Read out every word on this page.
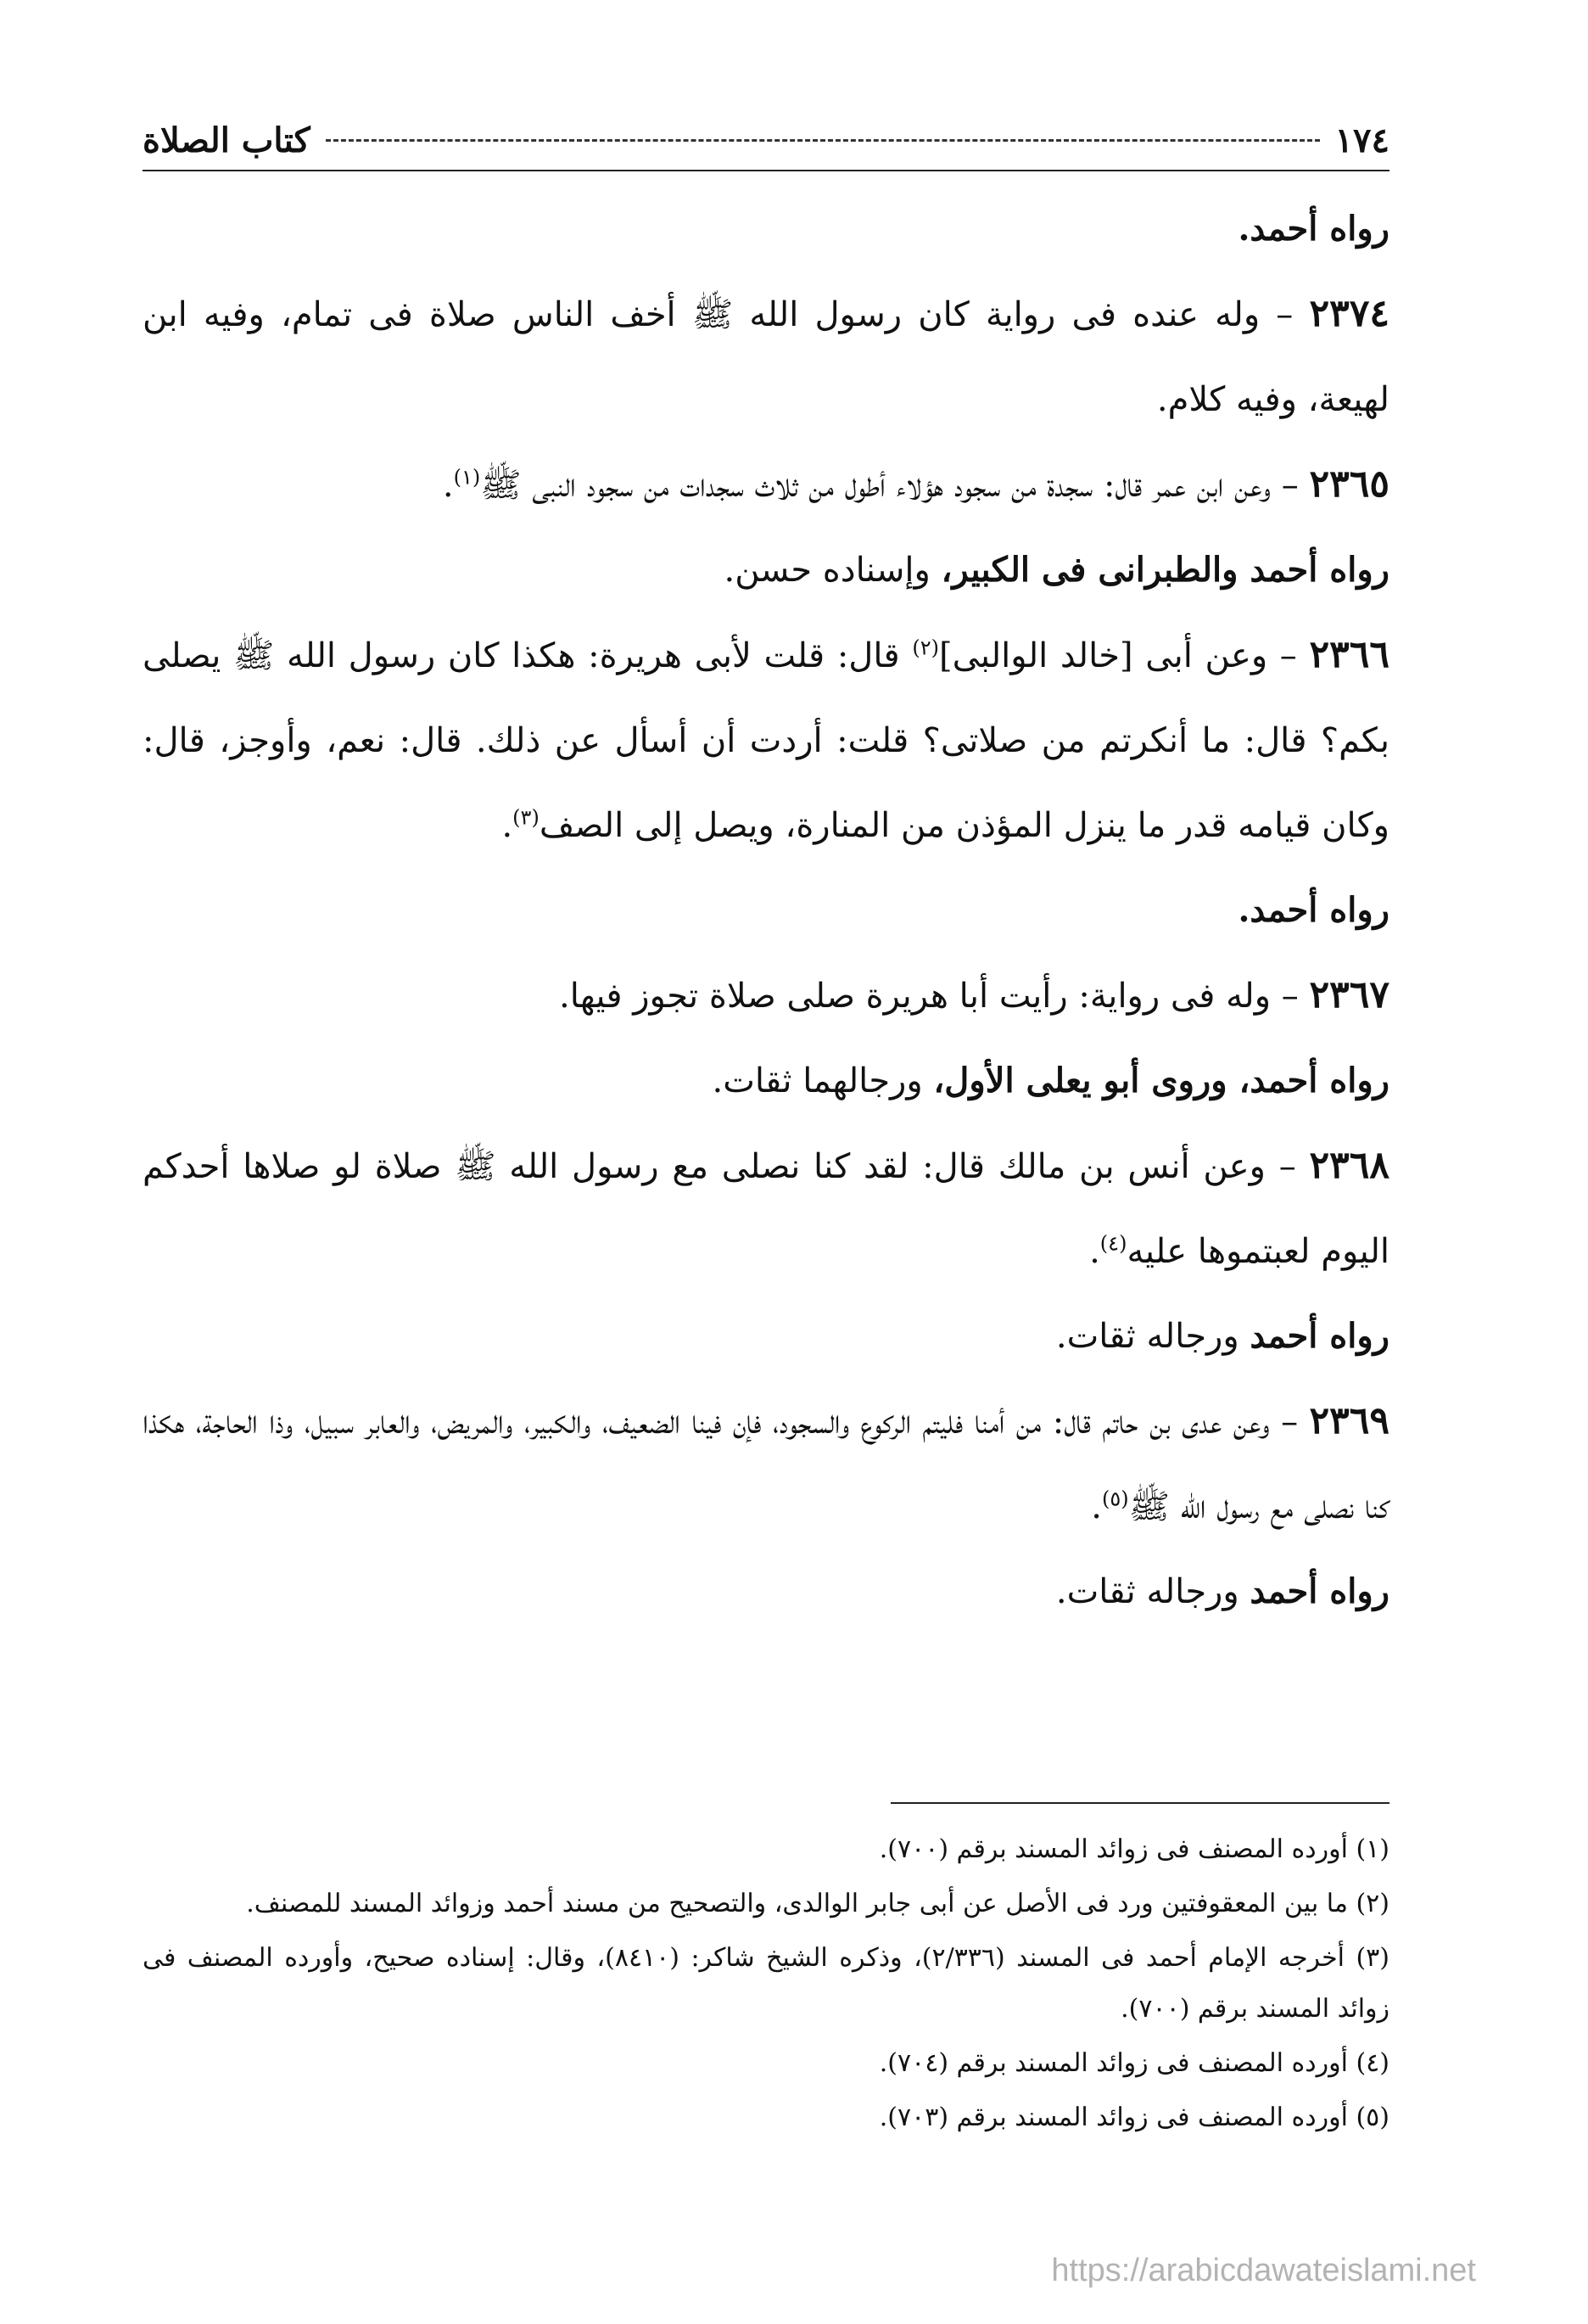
١٧٤
كتاب الصلاة

رواه أحمد.

٢٣٧٤ – وله عنده فى رواية كان رسول الله ﷺ أخف الناس صلاة فى تمام، وفيه ابن لهيعة، وفيه كلام.

٢٣٦٥ – وعن ابن عمر قال: سجدة من سجود هؤلاء أطول من ثلاث سجدات من سجود النبى ﷺ$^{(١)}$.

رواه أحمد والطبرانى فى الكبير، وإسناده حسن.

٢٣٦٦ – وعن أبى [خالد الوالبى]$^{(٢)}$ قال: قلت لأبى هريرة: هكذا كان رسول الله ﷺ يصلى بكم؟ قال: ما أنكرتم من صلاتى؟ قلت: أردت أن أسأل عن ذلك. قال: نعم، وأوجز، قال: وكان قيامه قدر ما ينزل المؤذن من المنارة، ويصل إلى الصف$^{(٣)}$.

رواه أحمد.

٢٣٦٧ – وله فى رواية: رأيت أبا هريرة صلى صلاة تجوز فيها.

رواه أحمد، وروى أبو يعلى الأول، ورجالهما ثقات.

٢٣٦٨ – وعن أنس بن مالك قال: لقد كنا نصلى مع رسول الله ﷺ صلاة لو صلاها أحدكم اليوم لعبتموها عليه$^{(٤)}$.

رواه أحمد ورجاله ثقات.

٢٣٦٩ – وعن عدى بن حاتم قال: من أمنا فليتم الركوع والسجود، فإن فينا الضعيف، والكبير، والمريض، والعابر سبيل، وذا الحاجة، هكذا كنا نصلى مع رسول الله ﷺ$^{(٥)}$.

رواه أحمد ورجاله ثقات.

(١) أورده المصنف فى زوائد المسند برقم (٧٠٠).

(٢) ما بين المعقوفتين ورد فى الأصل عن أبى جابر الوالدى، والتصحيح من مسند أحمد وزوائد المسند للمصنف.

(٣) أخرجه الإمام أحمد فى المسند (٢/٣٣٦)، وذكره الشيخ شاكر: (٨٤١٠)، وقال: إسناده صحيح، وأورده المصنف فى زوائد المسند برقم (٧٠٠).

(٤) أورده المصنف فى زوائد المسند برقم (٧٠٤).

(٥) أورده المصنف فى زوائد المسند برقم (٧٠٣).

https://arabicdawateislami.net
